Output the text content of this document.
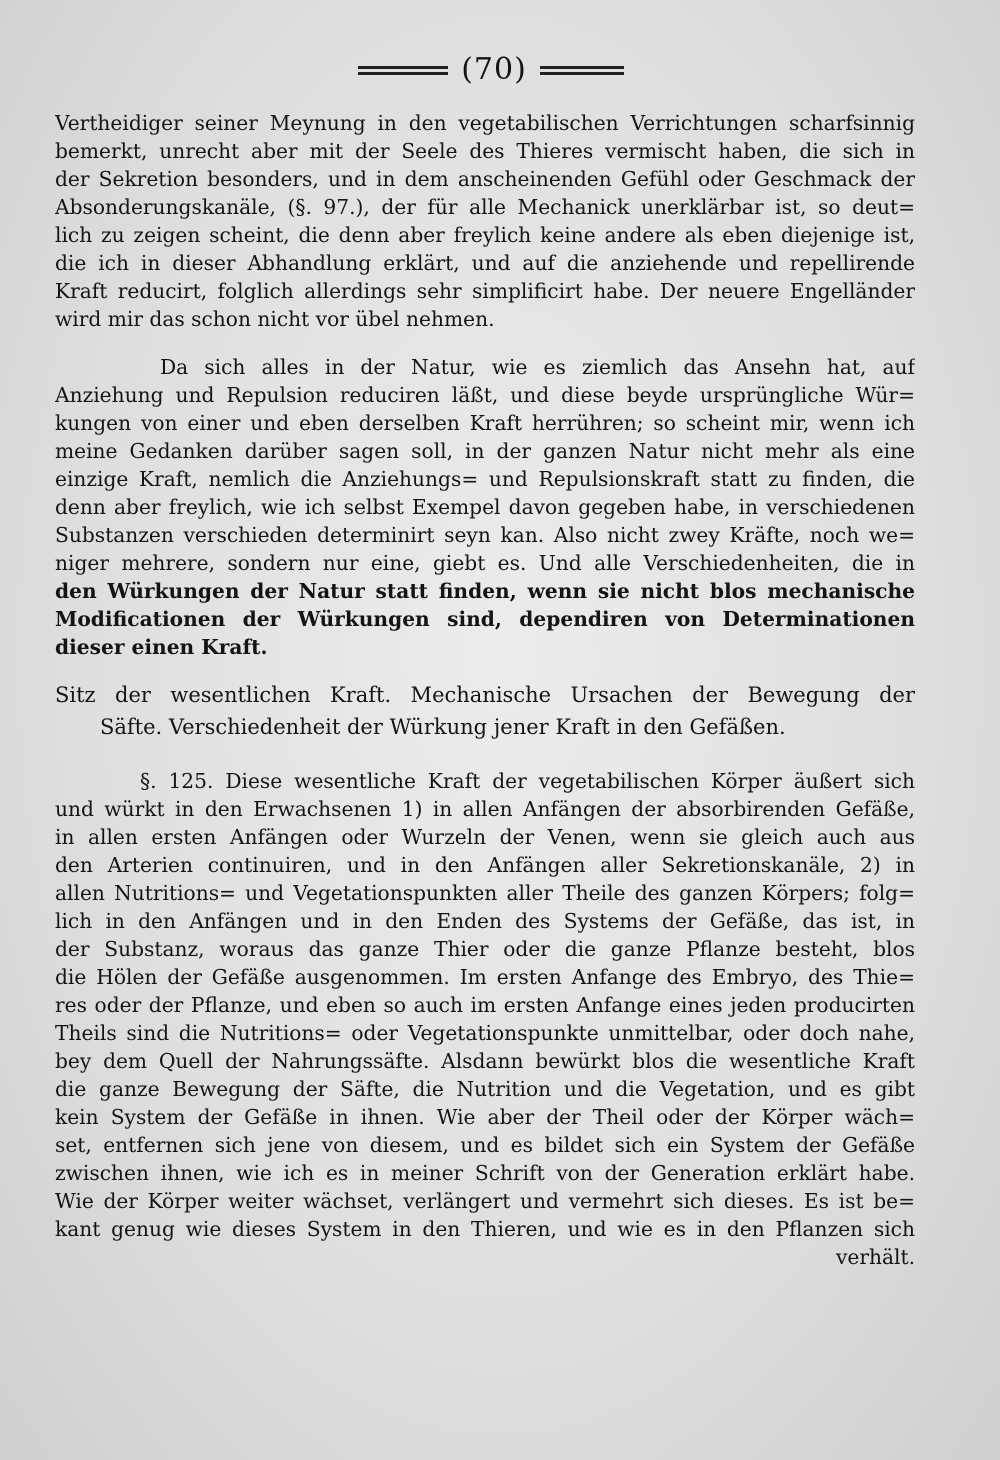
(70)
Vertheidiger seiner Meynung in den vegetabilischen Verrichtungen scharfsinnig
bemerkt, unrecht aber mit der Seele des Thieres vermischt haben, die sich in
der Sekretion besonders, und in dem anscheinenden Gefühl oder Geschmack der
Absonderungskanäle, (§. 97.), der für alle Mechanick unerklärbar ist, so deut=
lich zu zeigen scheint, die denn aber freylich keine andere als eben diejenige ist,
die ich in dieser Abhandlung erklärt, und auf die anziehende und repellirende
Kraft reducirt, folglich allerdings sehr simplificirt habe. Der neuere Engelländer
wird mir das schon nicht vor übel nehmen.
Da sich alles in der Natur, wie es ziemlich das Ansehn hat, auf
Anziehung und Repulsion reduciren läßt, und diese beyde ursprüngliche Wür=
kungen von einer und eben derselben Kraft herrühren; so scheint mir, wenn ich
meine Gedanken darüber sagen soll, in der ganzen Natur nicht mehr als eine
einzige Kraft, nemlich die Anziehungs= und Repulsionskraft statt zu finden, die
denn aber freylich, wie ich selbst Exempel davon gegeben habe, in verschiedenen
Substanzen verschieden determinirt seyn kan. Also nicht zwey Kräfte, noch we=
niger mehrere, sondern nur eine, giebt es. Und alle Verschiedenheiten, die in
den Würkungen der Natur statt finden, wenn sie nicht blos mechanische
Modificationen der Würkungen sind, dependiren von Determinationen
dieser einen Kraft.
Sitz der wesentlichen Kraft. Mechanische Ursachen der Bewegung der
Säfte. Verschiedenheit der Würkung jener Kraft in den Gefäßen.
§. 125. Diese wesentliche Kraft der vegetabilischen Körper äußert sich
und würkt in den Erwachsenen 1) in allen Anfängen der absorbirenden Gefäße,
in allen ersten Anfängen oder Wurzeln der Venen, wenn sie gleich auch aus
den Arterien continuiren, und in den Anfängen aller Sekretionskanäle, 2) in
allen Nutritions= und Vegetationspunkten aller Theile des ganzen Körpers; folg=
lich in den Anfängen und in den Enden des Systems der Gefäße, das ist, in
der Substanz, woraus das ganze Thier oder die ganze Pflanze besteht, blos
die Hölen der Gefäße ausgenommen. Im ersten Anfange des Embryo, des Thie=
res oder der Pflanze, und eben so auch im ersten Anfange eines jeden producirten
Theils sind die Nutritions= oder Vegetationspunkte unmittelbar, oder doch nahe,
bey dem Quell der Nahrungssäfte. Alsdann bewürkt blos die wesentliche Kraft
die ganze Bewegung der Säfte, die Nutrition und die Vegetation, und es gibt
kein System der Gefäße in ihnen. Wie aber der Theil oder der Körper wäch=
set, entfernen sich jene von diesem, und es bildet sich ein System der Gefäße
zwischen ihnen, wie ich es in meiner Schrift von der Generation erklärt habe.
Wie der Körper weiter wächset, verlängert und vermehrt sich dieses. Es ist be=
kant genug wie dieses System in den Thieren, und wie es in den Pflanzen sich
verhält.
